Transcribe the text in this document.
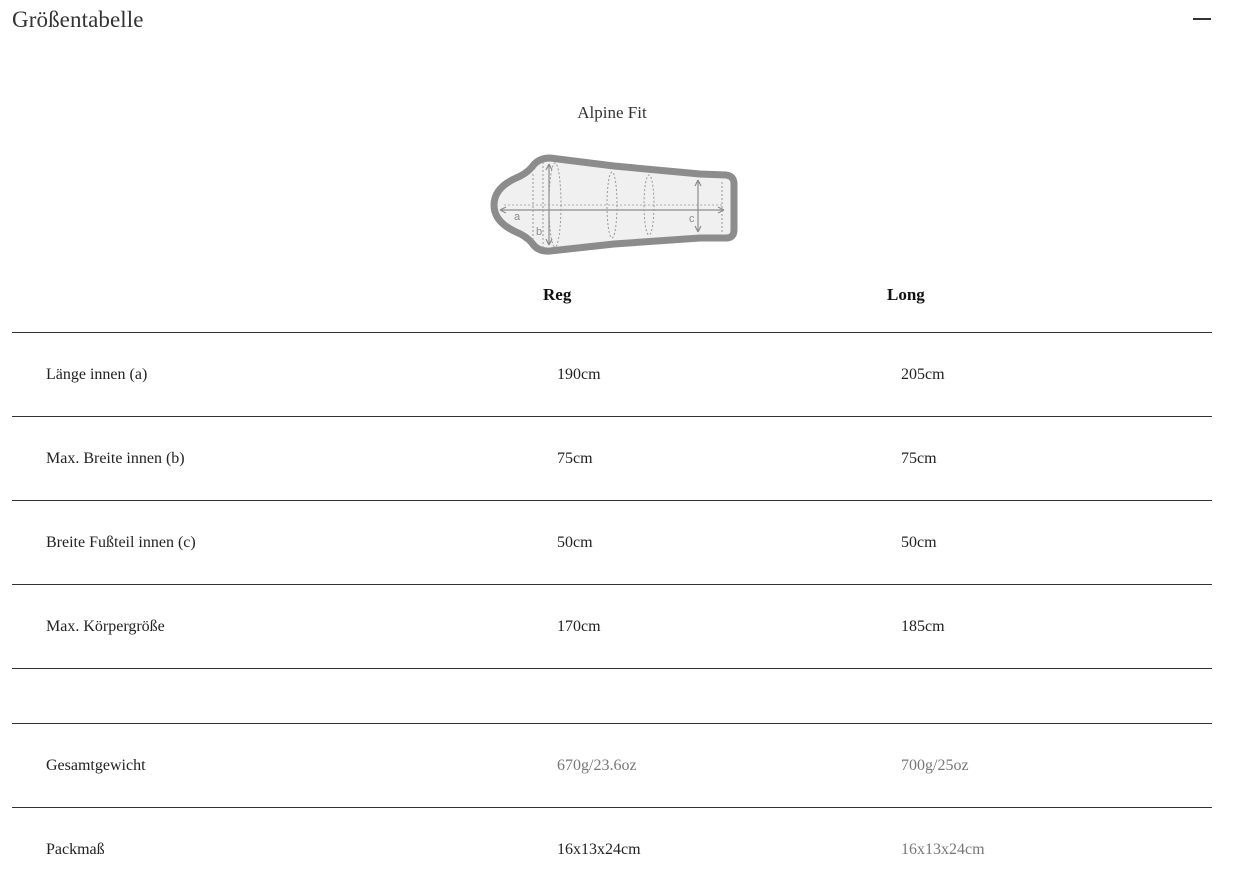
Größentabelle
Alpine Fit
a
b
c
Reg	Long
Länge innen (a)	190cm	205cm
Max. Breite innen (b)	75cm	75cm
Breite Fußteil innen (c)	50cm	50cm
Max. Körpergröße	170cm	185cm
Gesamtgewicht	670g/23.6oz	700g/25oz
Packmaß	16x13x24cm	16x13x24cm
